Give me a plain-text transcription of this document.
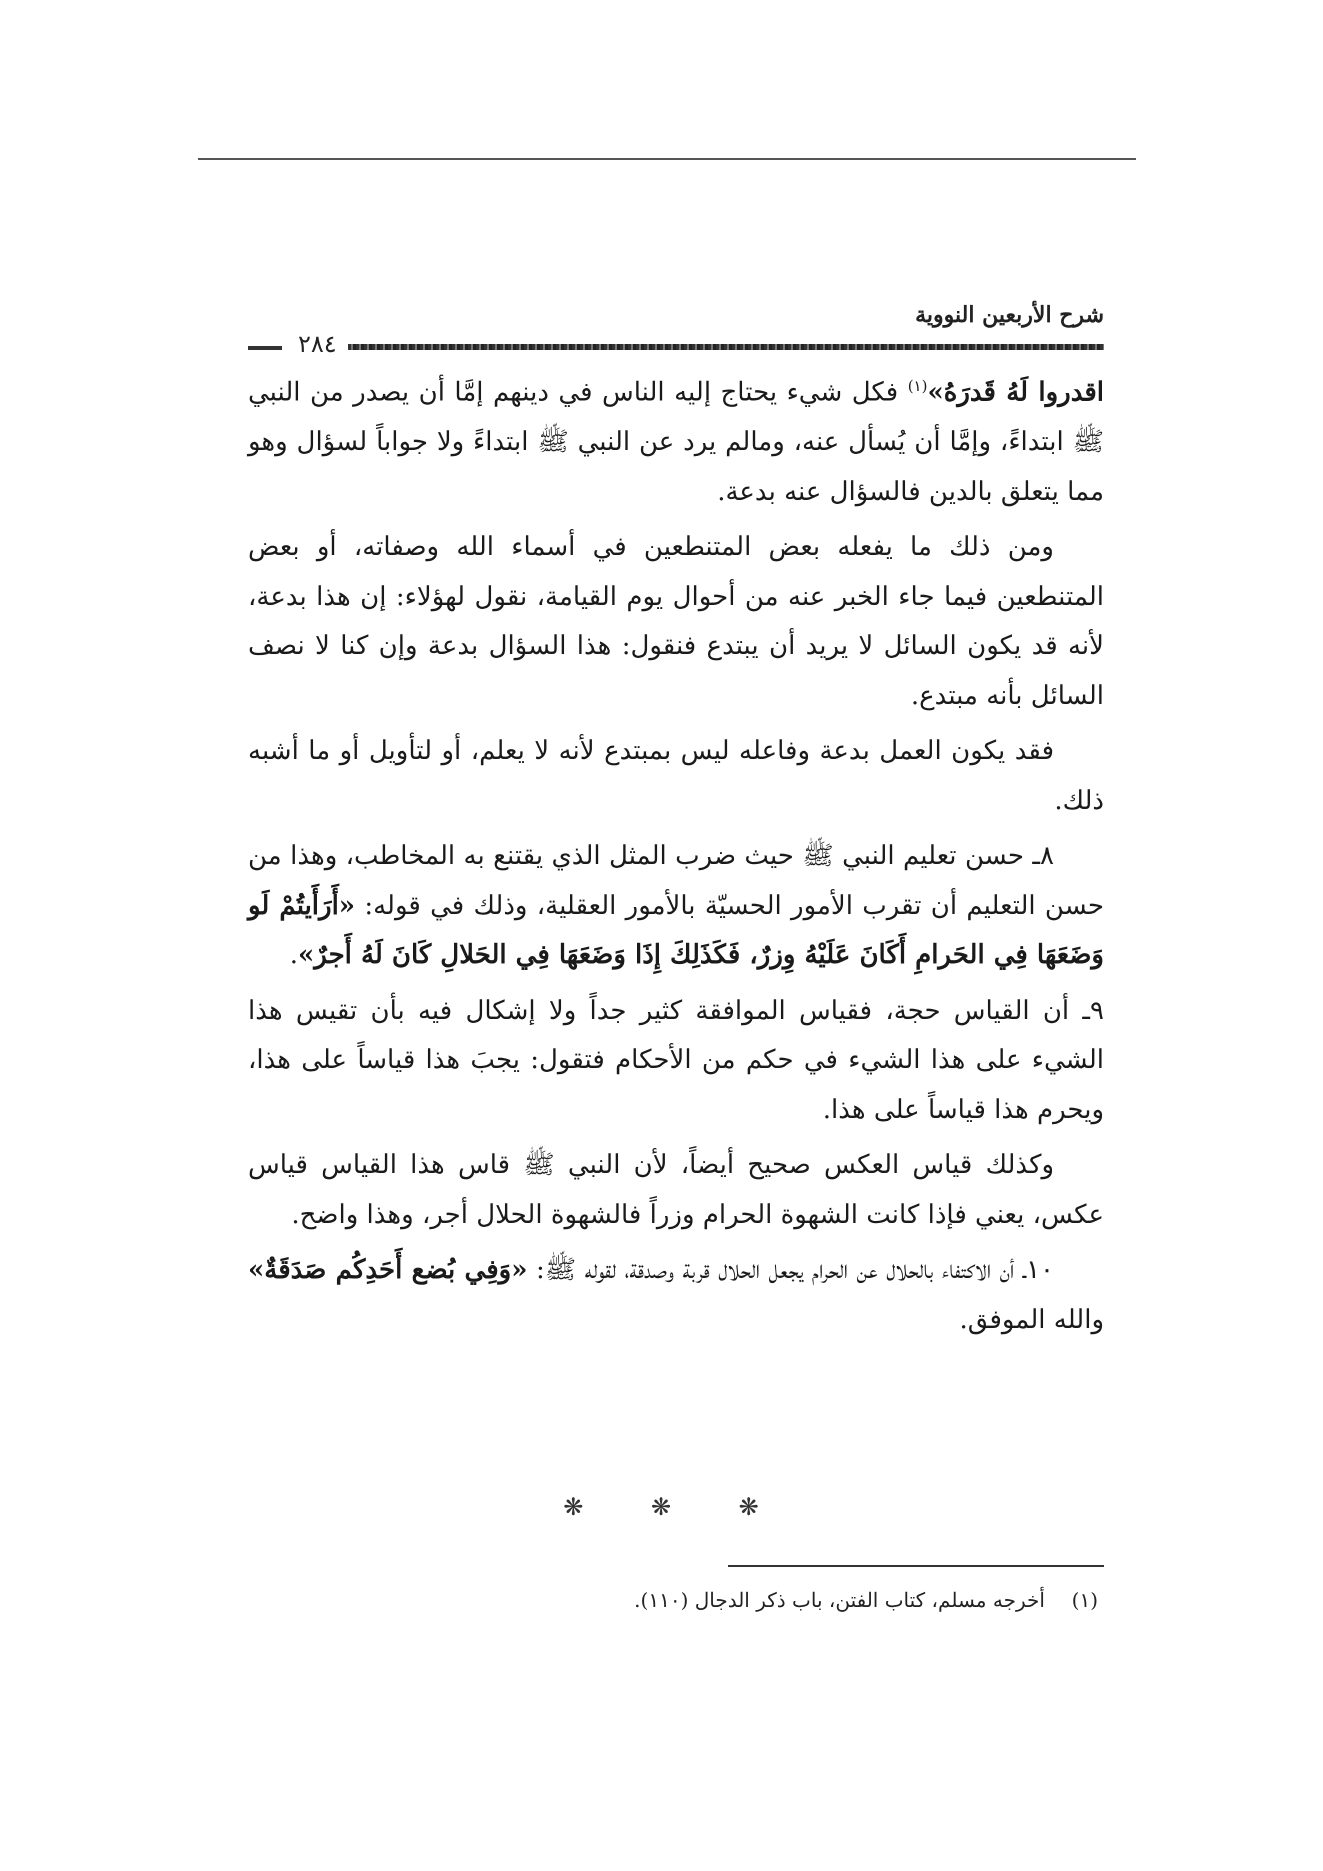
شرح الأربعين النووية
٢٨٤

اقدروا لَهُ قَدرَهُ»$^{(١)}$ فكل شيء يحتاج إليه الناس في دينهم إمَّا أن يصدر من النبي ﷺ ابتداءً، وإمَّا أن يُسأل عنه، ومالم يرد عن النبي ﷺ ابتداءً ولا جواباً لسؤال وهو مما يتعلق بالدين فالسؤال عنه بدعة.

ومن ذلك ما يفعله بعض المتنطعين في أسماء الله وصفاته، أو بعض المتنطعين فيما جاء الخبر عنه من أحوال يوم القيامة، نقول لهؤلاء: إن هذا بدعة، لأنه قد يكون السائل لا يريد أن يبتدع فنقول: هذا السؤال بدعة وإن كنا لا نصف السائل بأنه مبتدع.

فقد يكون العمل بدعة وفاعله ليس بمبتدع لأنه لا يعلم، أو لتأويل أو ما أشبه ذلك.

٨ـ حسن تعليم النبي ﷺ حيث ضرب المثل الذي يقتنع به المخاطب، وهذا من حسن التعليم أن تقرب الأمور الحسيّة بالأمور العقلية، وذلك في قوله: «أَرَأَيتُمْ لَو وَضَعَهَا فِي الحَرامِ أَكَانَ عَلَيْهُ وِزرٌ، فَكَذَلِكَ إِذَا وَضَعَهَا فِي الحَلالِ كَانَ لَهُ أَجرٌ».

٩ـ أن القياس حجة، فقياس الموافقة كثير جداً ولا إشكال فيه بأن تقيس هذا الشيء على هذا الشيء في حكم من الأحكام فتقول: يجبَ هذا قياساً على هذا، ويحرم هذا قياساً على هذا.

وكذلك قياس العكس صحيح أيضاً، لأن النبي ﷺ قاس هذا القياس قياس عكس، يعني فإذا كانت الشهوة الحرام وزراً فالشهوة الحلال أجر، وهذا واضح.

١٠ـ أن الاكتفاء بالحلال عن الحرام يجعل الحلال قربة وصدقة، لقوله ﷺ: «وَفِي بُضع أَحَدِكُم صَدَقَةٌ» والله الموفق.

❋ ❋ ❋
(١)  أخرجه مسلم، كتاب الفتن، باب ذكر الدجال (١١٠).
